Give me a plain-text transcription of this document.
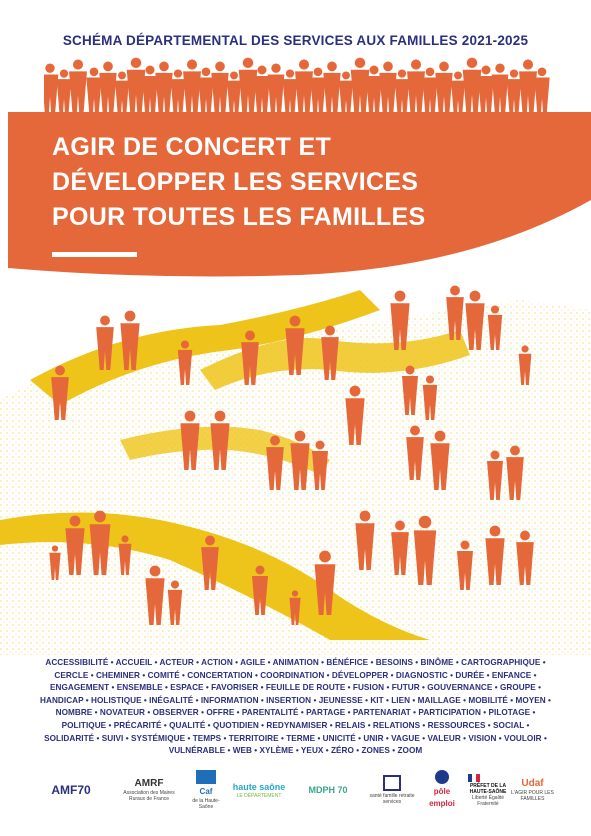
SCHÉMA DÉPARTEMENTAL DES SERVICES AUX FAMILLES 2021-2025
AGIR DE CONCERT ET
DÉVELOPPER LES SERVICES
POUR TOUTES LES FAMILLES
ACCESSIBILITÉ • ACCUEIL • ACTEUR • ACTION • AGILE • ANIMATION • BÉNÉFICE • BESOINS • BINÔME • CARTOGRAPHIQUE • CERCLE • CHEMINER • COMITÉ • CONCERTATION • COORDINATION • DÉVELOPPER • DIAGNOSTIC • DURÉE • ENFANCE • ENGAGEMENT • ENSEMBLE • ESPACE • FAVORISER • FEUILLE DE ROUTE • FUSION • FUTUR • GOUVERNANCE • GROUPE • HANDICAP • HOLISTIQUE • INÉGALITÉ • INFORMATION • INSERTION • JEUNESSE • KIT • LIEN • MAILLAGE • MOBILITÉ • MOYEN • NOMBRE • NOVATEUR • OBSERVER • OFFRE • PARENTALITÉ • PARTAGE • PARTENARIAT • PARTICIPATION • PILOTAGE • POLITIQUE • PRÉCARITÉ • QUALITÉ • QUOTIDIEN • REDYNAMISER • RELAIS • RELATIONS • RESSOURCES • SOCIAL • SOLIDARITÉ • SUIVI • SYSTÉMIQUE • TEMPS • TERRITOIRE • TERME • UNICITÉ • UNIR • VAGUE • VALEUR • VISION • VOULOIR • VULNÉRABLE • WEB • XYLÈME • YEUX • ZÉRO • ZONES • ZOOM
AMF70	AMRF
Association des Maires Ruraux de France
Caf
de la Haute-Saône
haute saône
LE DÉPARTEMENT
MDPH 70
santé famille retraite services
pôle emploi
PRÉFET DE LA HAUTE-SAÔNE
Liberté Égalité Fraternité
Udaf
L'AGIR POUR LES FAMILLES
